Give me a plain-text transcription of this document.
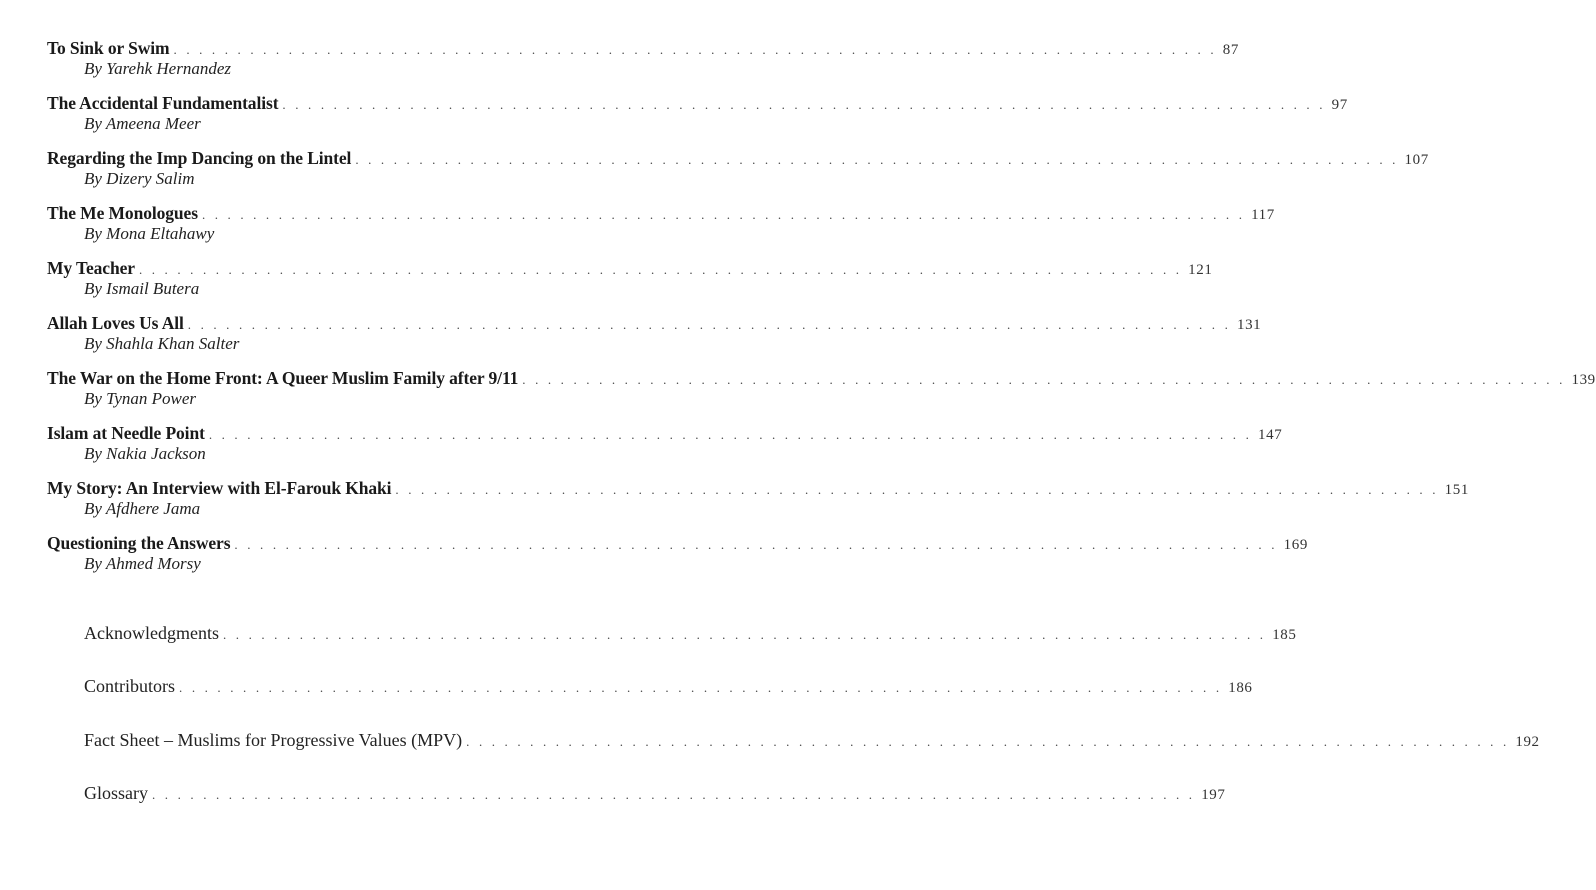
To Sink or Swim . . . . . . . . . . . . . . . . . . . . . . . . . . . . . . . . . . . . . . . . . . . . . . . . . . . . . . . . . . . . . . . . . . . . . . . . . . . . . . . . . . 87
By Yarehk Hernandez
The Accidental Fundamentalist . . . . . . . . . . . . . . . . . . . . . . . . . . . . . . . . . . . . . . . . . . . . . . . . . . . . . . . . . . . . . . . . . . . . . . . . . . . . . . . . . . 97
By Ameena Meer
Regarding the Imp Dancing on the Lintel . . . . . . . . . . . . . . . . . . . . . . . . . . . . . . . . . . . . . . . . . . . . . . . . . . . . . . . . . . . . . . . . . . . . . . . . . . . . . . . . . . 107
By Dizery Salim
The Me Monologues . . . . . . . . . . . . . . . . . . . . . . . . . . . . . . . . . . . . . . . . . . . . . . . . . . . . . . . . . . . . . . . . . . . . . . . . . . . . . . . . . . 117
By Mona Eltahawy
My Teacher . . . . . . . . . . . . . . . . . . . . . . . . . . . . . . . . . . . . . . . . . . . . . . . . . . . . . . . . . . . . . . . . . . . . . . . . . . . . . . . . . . 121
By Ismail Butera
Allah Loves Us All . . . . . . . . . . . . . . . . . . . . . . . . . . . . . . . . . . . . . . . . . . . . . . . . . . . . . . . . . . . . . . . . . . . . . . . . . . . . . . . . . . 131
By Shahla Khan Salter
The War on the Home Front: A Queer Muslim Family after 9/11 . . . . . . . . . . . . . . . . . . . . . . . . . . . . . . . . . . . . . . . . . . . . . . . . . . . . . . . . . . . . . . . . . . . . . . . . . . . . . . . . . . 139
By Tynan Power
Islam at Needle Point . . . . . . . . . . . . . . . . . . . . . . . . . . . . . . . . . . . . . . . . . . . . . . . . . . . . . . . . . . . . . . . . . . . . . . . . . . . . . . . . . . 147
By Nakia Jackson
My Story: An Interview with El-Farouk Khaki . . . . . . . . . . . . . . . . . . . . . . . . . . . . . . . . . . . . . . . . . . . . . . . . . . . . . . . . . . . . . . . . . . . . . . . . . . . . . . . . . . 151
By Afdhere Jama
Questioning the Answers . . . . . . . . . . . . . . . . . . . . . . . . . . . . . . . . . . . . . . . . . . . . . . . . . . . . . . . . . . . . . . . . . . . . . . . . . . . . . . . . . . 169
By Ahmed Morsy
Acknowledgments . . . . . . . . . . . . . . . . . . . . . . . . . . . . . . . . . . . . . . . . . . . . . . . . . . . . . . . . . . . . . . . . . . . . . . . . . . . . . . . . . . 185
Contributors . . . . . . . . . . . . . . . . . . . . . . . . . . . . . . . . . . . . . . . . . . . . . . . . . . . . . . . . . . . . . . . . . . . . . . . . . . . . . . . . . . 186
Fact Sheet – Muslims for Progressive Values (MPV) . . . . . . . . . . . . . . . . . . . . . . . . . . . . . . . . . . . . . . . . . . . . . . . . . . . . . . . . . . . . . . . . . . . . . . . . . . . . . . . . . . 192
Glossary . . . . . . . . . . . . . . . . . . . . . . . . . . . . . . . . . . . . . . . . . . . . . . . . . . . . . . . . . . . . . . . . . . . . . . . . . . . . . . . . . . 197
